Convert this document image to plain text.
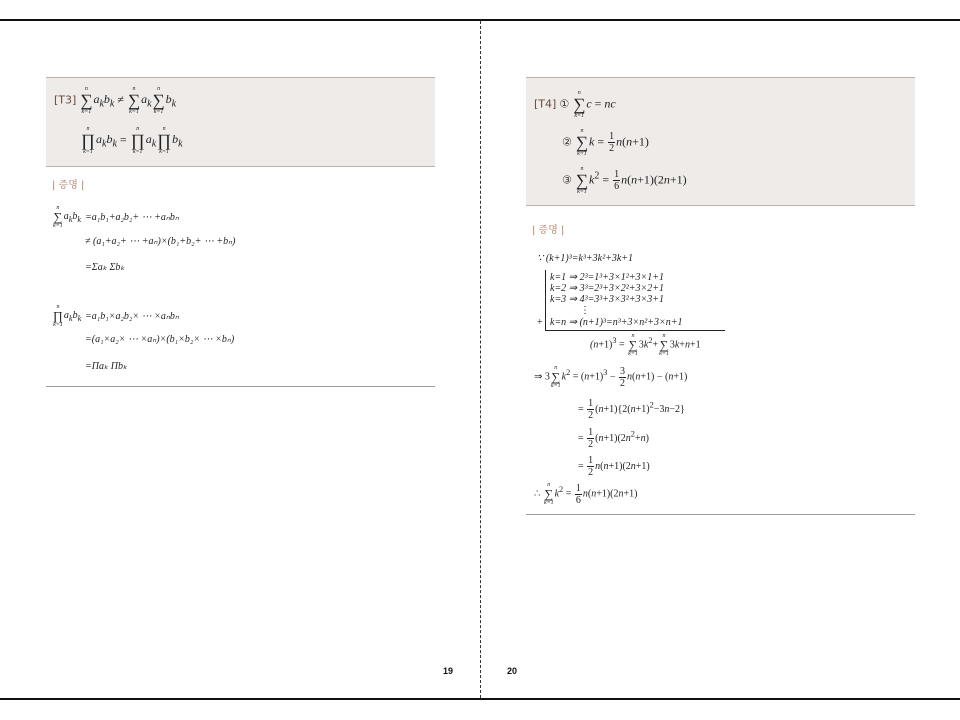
[T3]
n
∑
k=1
$a_kb_k$ ≠
n
∑
k=1
$a_k$
n
∑
k=1
$b_k$
n
∏
k=1
$a_kb_k$ =
n
∏
k=1
$a_k$
n
∏
k=1
$b_k$
| 증명 |
n
∑
k=1
$a_kb_k =a_1b_1+a_2b_2+$ ⋯ +aₙbₙ
≠ (a₁+a₂+ ⋯ +aₙ)×(b₁+b₂+ ⋯ +bₙ)
=Σaₖ Σbₖ
n
∏
k=1
$a_kb_k =a_1b_1\times a_2b_2\times$ ⋯ ×aₙbₙ
=(a₁×a₂× ⋯ ×aₙ)×(b₁×b₂× ⋯ ×bₙ)
=Πaₖ Πbₖ
19
[T4] ①
n
∑
k=1
c = nc
②
n
∑
k=1
$k = \frac{1}{2} n(n+1)$
③
n
∑
k=1
$k^2 = \frac{1}{6} n(n+1)(2n+1)$
| 증명 |
∵ (k+1)³=k³+3k²+3k+1
k=1 ⇒ 2³=1³+3×1²+3×1+1
k=2 ⇒ 3³=2³+3×2²+3×2+1
k=3 ⇒ 4³=3³+3×3²+3×3+1
⋮
k=n ⇒ (n+1)³=n³+3×n²+3×n+1
+
$(n+1)^3$ =
n
∑
k=1
$3k^2+$
n
∑
k=1
3k+n+1
⇒ 3
n
∑
k=1
$k^2 = (n+1)^3 - \frac{3}{2} n(n+1) - (n+1)$
= $\frac{1}{2} (n+1)\{2(n+1)^2-3n-2\}$
= $\frac{1}{2} (n+1)(2n^2+n)$
= $\frac{1}{2} n(n+1)(2n+1)$
∴
n
∑
k=1
$k^2 = \frac{1}{6} n(n+1)(2n+1)$
20
